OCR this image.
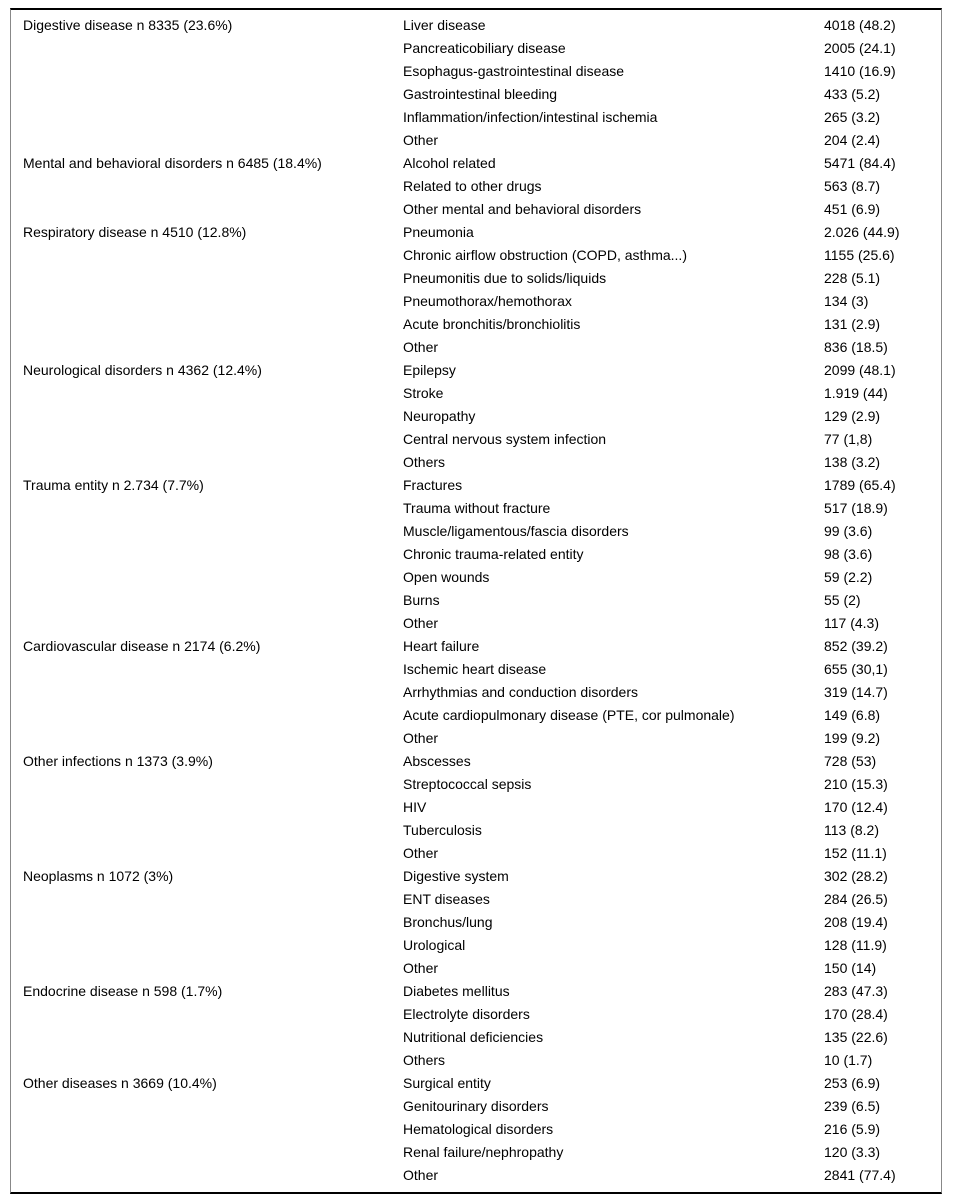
Digestive disease n 8335 (23.6%)	Liver disease	4018 (48.2)
Pancreaticobiliary disease	2005 (24.1)
Esophagus-gastrointestinal disease	1410 (16.9)
Gastrointestinal bleeding	433 (5.2)
Inflammation/infection/intestinal ischemia	265 (3.2)
Other	204 (2.4)
Mental and behavioral disorders n 6485 (18.4%)	Alcohol related	5471 (84.4)
Related to other drugs	563 (8.7)
Other mental and behavioral disorders	451 (6.9)
Respiratory disease n 4510 (12.8%)	Pneumonia	2.026 (44.9)
Chronic airflow obstruction (COPD, asthma...)	1155 (25.6)
Pneumonitis due to solids/liquids	228 (5.1)
Pneumothorax/hemothorax	134 (3)
Acute bronchitis/bronchiolitis	131 (2.9)
Other	836 (18.5)
Neurological disorders n 4362 (12.4%)	Epilepsy	2099 (48.1)
Stroke	1.919 (44)
Neuropathy	129 (2.9)
Central nervous system infection	77 (1,8)
Others	138 (3.2)
Trauma entity n 2.734 (7.7%)	Fractures	1789 (65.4)
Trauma without fracture	517 (18.9)
Muscle/ligamentous/fascia disorders	99 (3.6)
Chronic trauma-related entity	98 (3.6)
Open wounds	59 (2.2)
Burns	55 (2)
Other	117 (4.3)
Cardiovascular disease n 2174 (6.2%)	Heart failure	852 (39.2)
Ischemic heart disease	655 (30,1)
Arrhythmias and conduction disorders	319 (14.7)
Acute cardiopulmonary disease (PTE, cor pulmonale)	149 (6.8)
Other	199 (9.2)
Other infections n 1373 (3.9%)	Abscesses	728 (53)
Streptococcal sepsis	210 (15.3)
HIV	170 (12.4)
Tuberculosis	113 (8.2)
Other	152 (11.1)
Neoplasms n 1072 (3%)	Digestive system	302 (28.2)
ENT diseases	284 (26.5)
Bronchus/lung	208 (19.4)
Urological	128 (11.9)
Other	150 (14)
Endocrine disease n 598 (1.7%)	Diabetes mellitus	283 (47.3)
Electrolyte disorders	170 (28.4)
Nutritional deficiencies	135 (22.6)
Others	10 (1.7)
Other diseases n 3669 (10.4%)	Surgical entity	253 (6.9)
Genitourinary disorders	239 (6.5)
Hematological disorders	216 (5.9)
Renal failure/nephropathy	120 (3.3)
Other	2841 (77.4)
